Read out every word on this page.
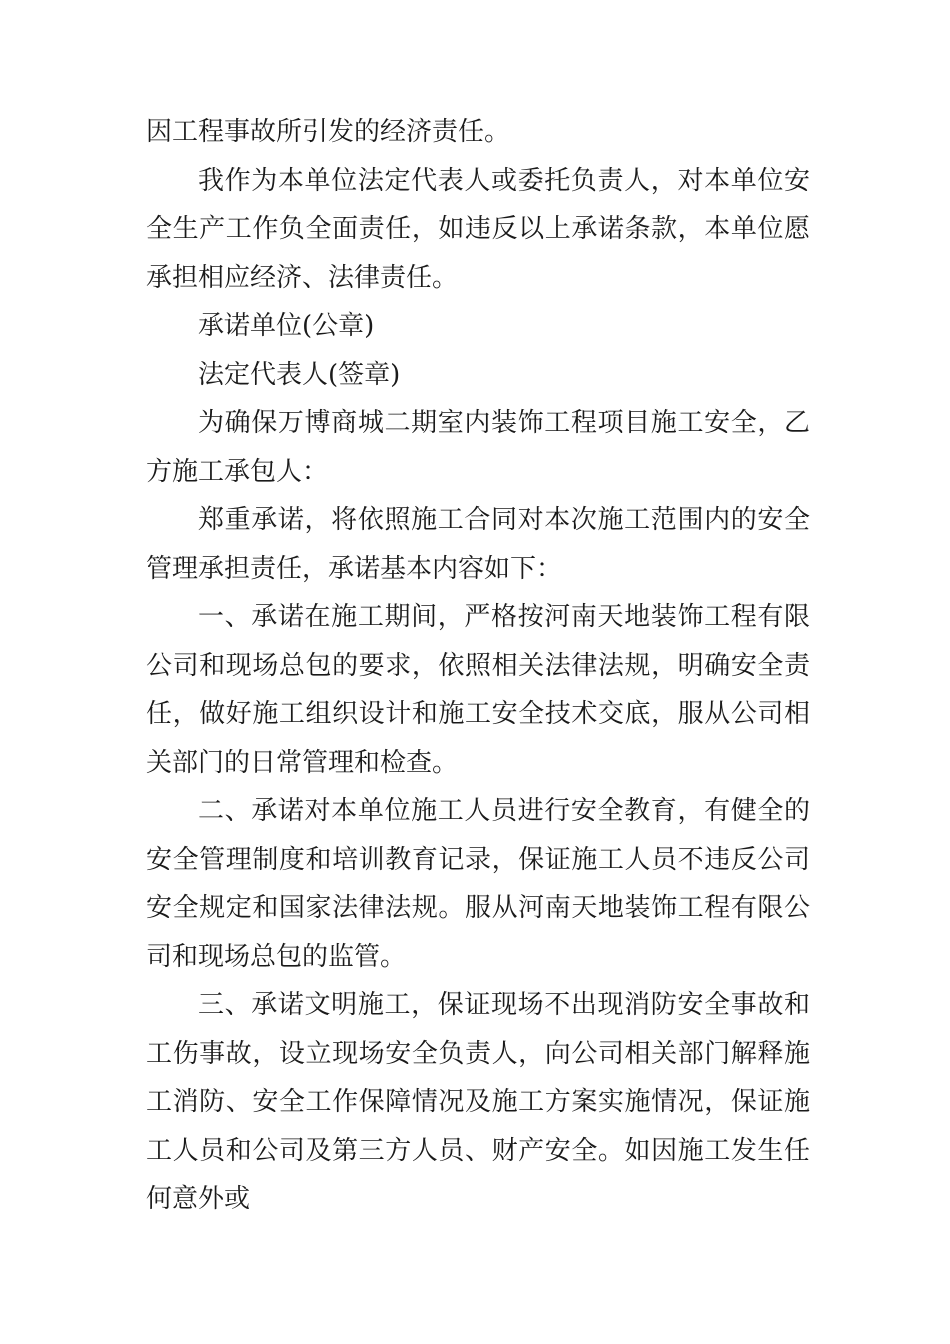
因工程事故所引发的经济责任。

我作为本单位法定代表人或委托负责人，对本单位安全生产工作负全面责任，如违反以上承诺条款，本单位愿承担相应经济、法律责任。

承诺单位(公章)

法定代表人(签章)

为确保万博商城二期室内装饰工程项目施工安全，乙方施工承包人：

郑重承诺，将依照施工合同对本次施工范围内的安全管理承担责任，承诺基本内容如下：

一、承诺在施工期间，严格按河南天地装饰工程有限公司和现场总包的要求，依照相关法律法规，明确安全责任，做好施工组织设计和施工安全技术交底，服从公司相关部门的日常管理和检查。

二、承诺对本单位施工人员进行安全教育，有健全的安全管理制度和培训教育记录，保证施工人员不违反公司安全规定和国家法律法规。服从河南天地装饰工程有限公司和现场总包的监管。

三、承诺文明施工，保证现场不出现消防安全事故和工伤事故，设立现场安全负责人，向公司相关部门解释施工消防、安全工作保障情况及施工方案实施情况，保证施工人员和公司及第三方人员、财产安全。如因施工发生任何意外或
